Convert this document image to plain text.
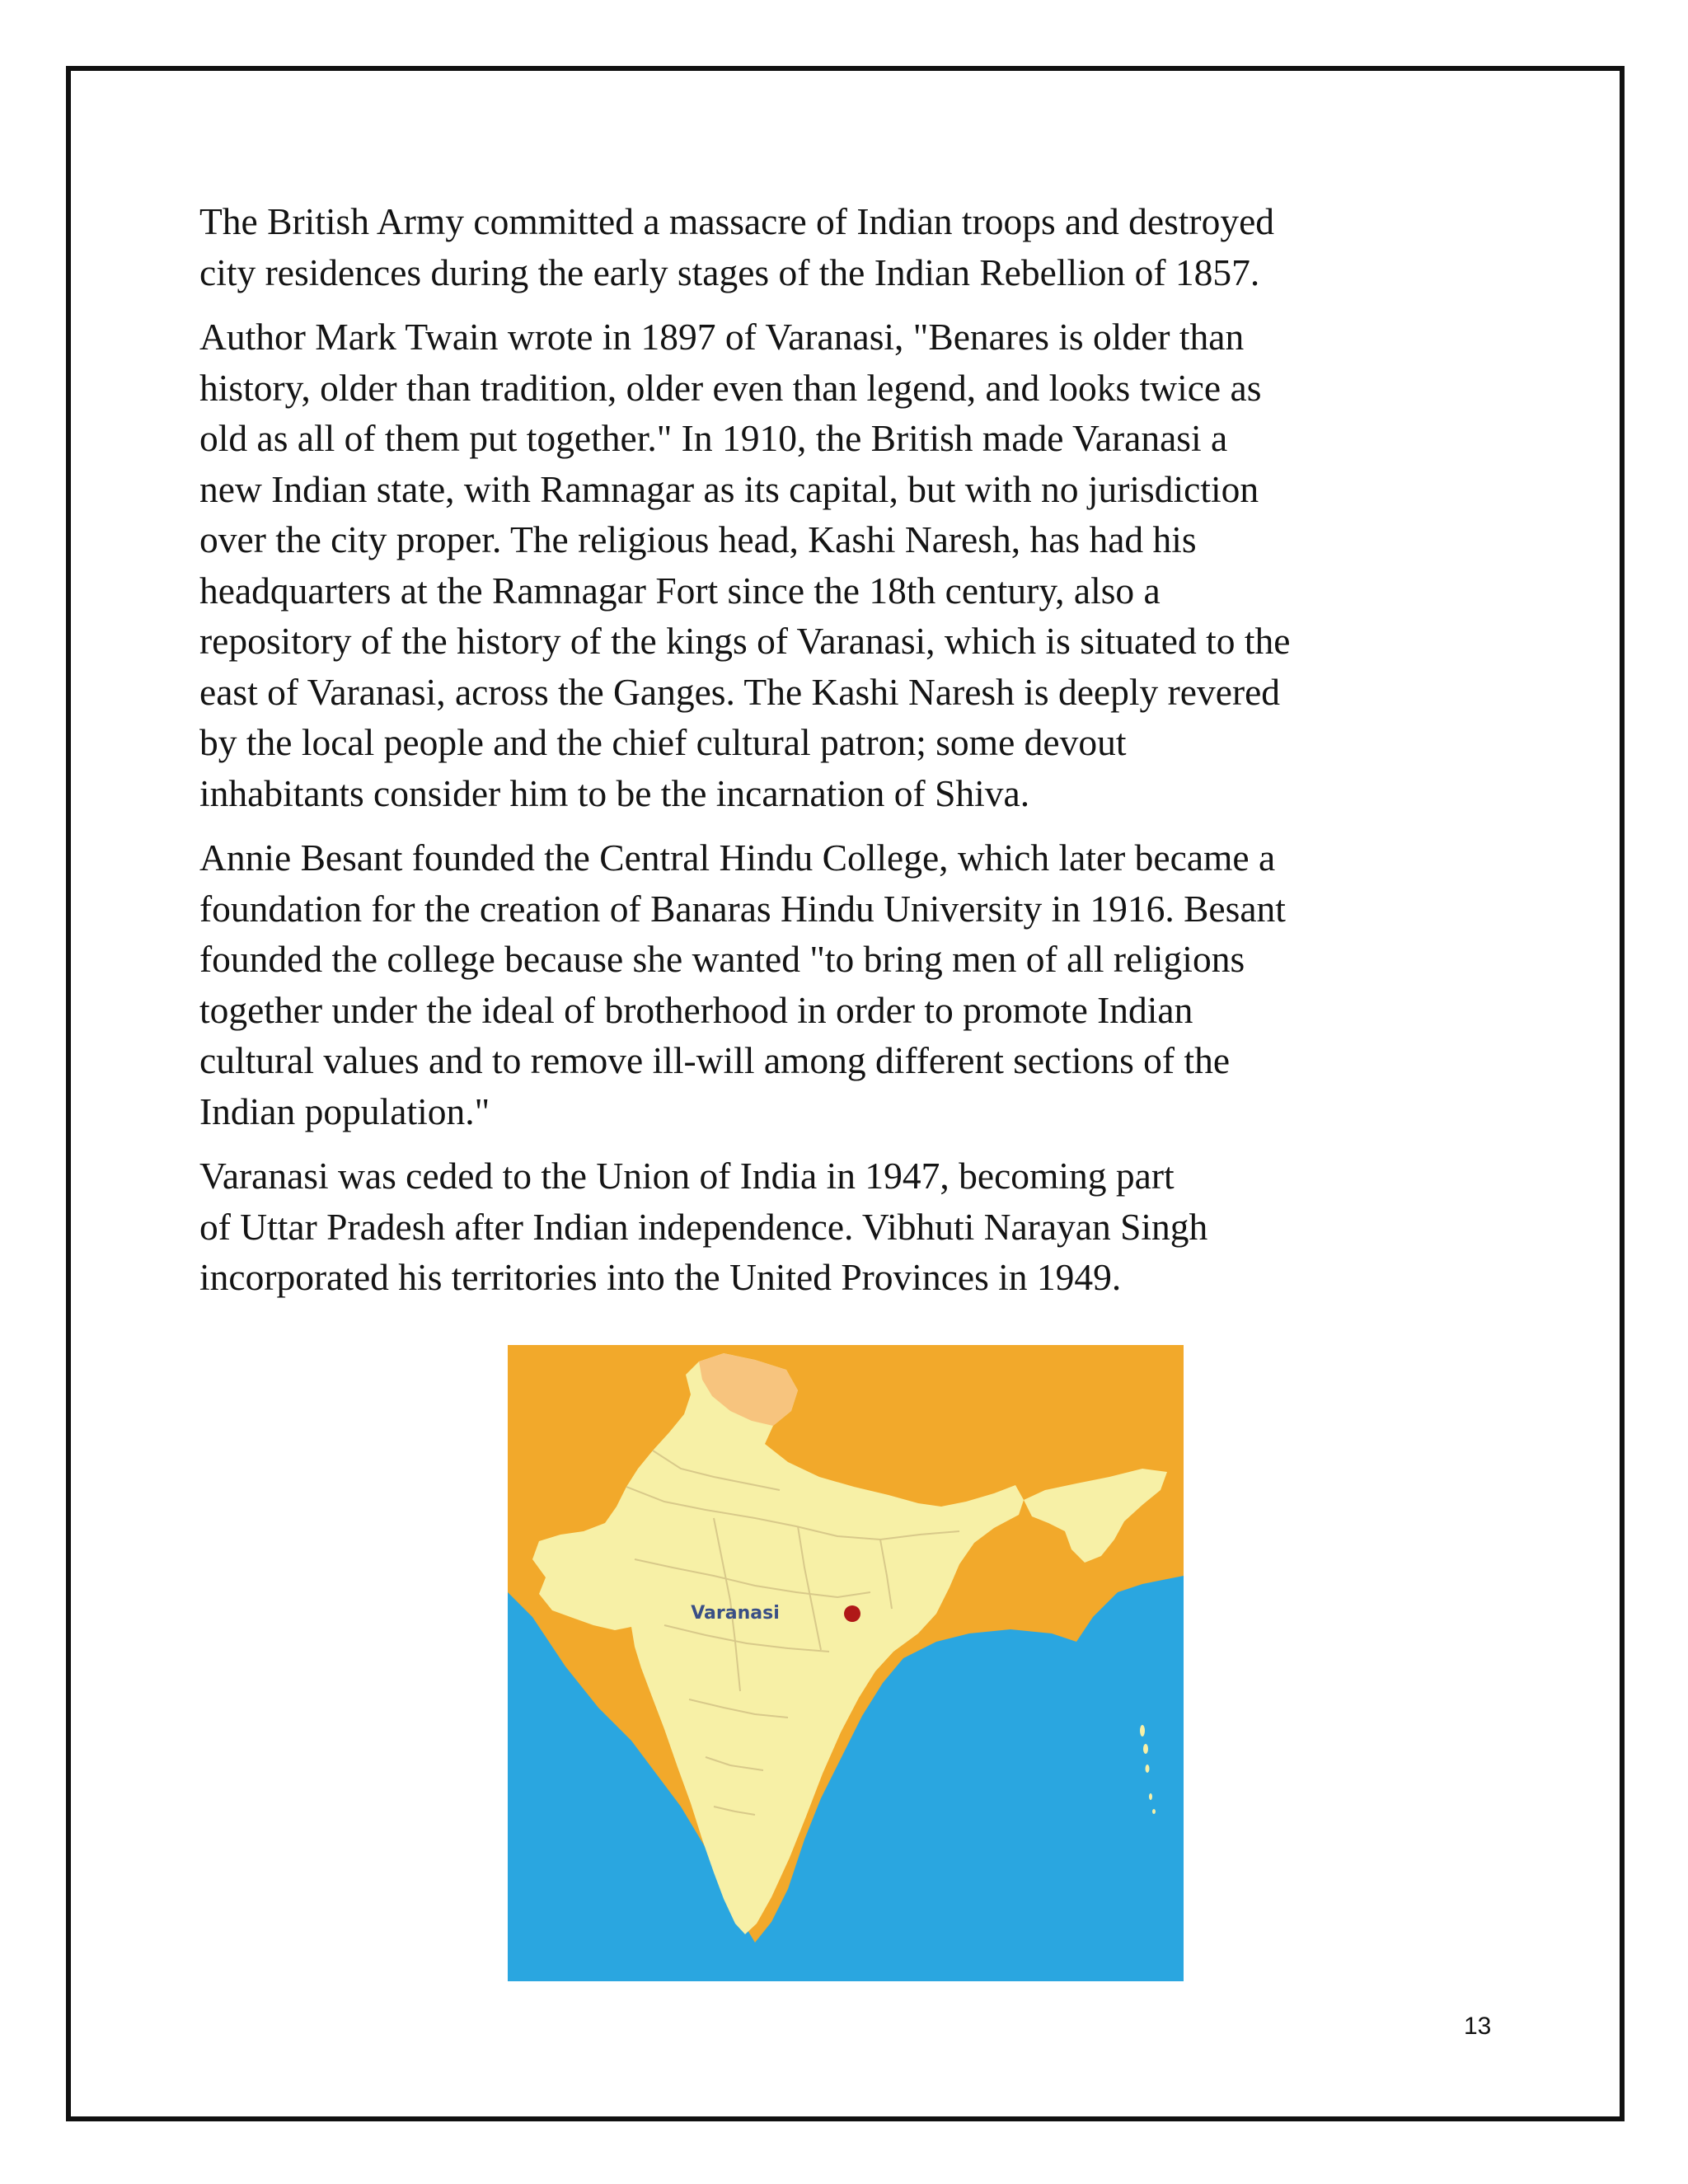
The British Army committed a massacre of Indian troops and destroyed
city residences during the early stages of the Indian Rebellion of 1857.
Author Mark Twain wrote in 1897 of Varanasi, "Benares is older than
history, older than tradition, older even than legend, and looks twice as
old as all of them put together." In 1910, the British made Varanasi a
new Indian state, with Ramnagar as its capital, but with no jurisdiction
over the city proper. The religious head, Kashi Naresh, has had his
headquarters at the Ramnagar Fort since the 18th century, also a
repository of the history of the kings of Varanasi, which is situated to the
east of Varanasi, across the Ganges. The Kashi Naresh is deeply revered
by the local people and the chief cultural patron; some devout
inhabitants consider him to be the incarnation of Shiva.
Annie Besant founded the Central Hindu College, which later became a
foundation for the creation of Banaras Hindu University in 1916. Besant
founded the college because she wanted "to bring men of all religions
together under the ideal of brotherhood in order to promote Indian
cultural values and to remove ill-will among different sections of the
Indian population."
Varanasi was ceded to the Union of India in 1947, becoming part
of Uttar Pradesh after Indian independence. Vibhuti Narayan Singh
incorporated his territories into the United Provinces in 1949.
Varanasi
13
